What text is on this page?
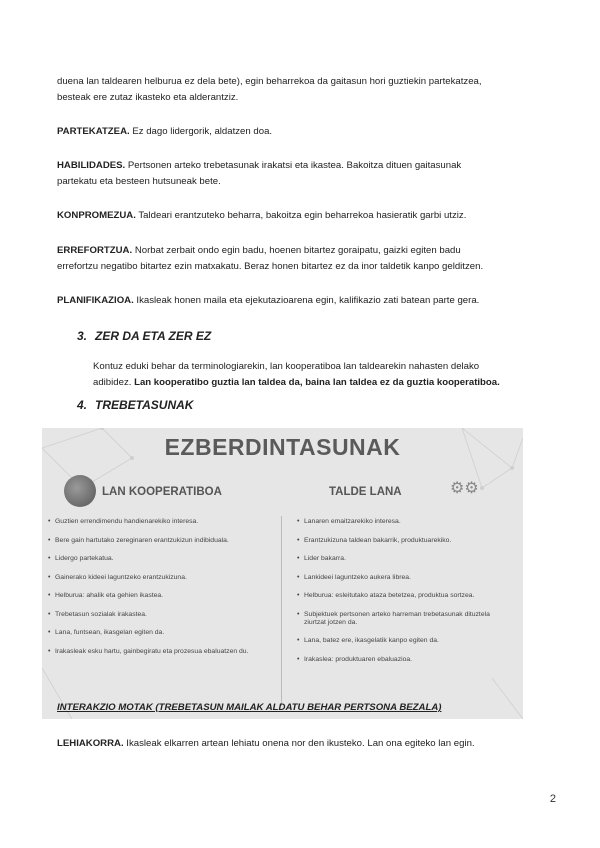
duena lan taldearen helburua ez dela bete), egin beharrekoa da gaitasun hori guztiekin partekatzea,
besteak ere zutaz ikasteko eta alderantziz.

PARTEKATZEA. Ez dago lidergorik, aldatzen doa.

HABILIDADES. Pertsonen arteko trebetasunak irakatsi eta ikastea. Bakoitza dituen gaitasunak
partekatu eta besteen hutsuneak bete.

KONPROMEZUA. Taldeari erantzuteko beharra, bakoitza egin beharrekoa hasieratik garbi utziz.

ERREFORTZUA. Norbat zerbait ondo egin badu, hoenen bitartez goraipatu, gaizki egiten badu
errefortzu negatibo bitartez ezin matxakatu. Beraz honen bitartez ez da inor taldetik kanpo gelditzen.

PLANIFIKAZIOA. Ikasleak honen maila eta ejekutazioarena egin, kalifikazio zati batean parte gera.

3. ZER DA ETA ZER EZ

Kontuz eduki behar da terminologiarekin, lan kooperatiboa lan taldearekin nahasten delako
adibidez. Lan kooperatibo guztia lan taldea da, baina lan taldea ez da guztia kooperatiboa.

4. TREBETASUNAK
EZBERDINTASUNAK
LAN KOOPERATIBOA	TALDE LANA	⚙⚙
• Guztien errendimendu handienarekiko interesa.
• Bere gain hartutako zereginaren erantzukizun indibiduala.
• Lidergo partekatua.
• Gainerako kideei laguntzeko erantzukizuna.
• Helburua: ahalik eta gehien ikastea.
• Trebetasun sozialak irakastea.
• Lana, funtsean, ikasgelan egiten da.
• Irakasleak esku hartu, gainbegiratu eta prozesua ebaluatzen du.
• Lanaren emaitzarekiko interesa.
• Erantzukizuna taldean bakarrik, produktuarekiko.
• Lider bakarra.
• Lankideei laguntzeko aukera librea.
• Helburua: esleitutako ataza betetzea, produktua sortzea.
• Subjektuek pertsonen arteko harreman trebetasunak dituztela ziurtzat jotzen da.
• Lana, batez ere, ikasgelatik kanpo egiten da.
• Irakaslea: produktuaren ebaluazioa.

INTERAKZIO MOTAK (TREBETASUN MAILAK ALDATU BEHAR PERTSONA BEZALA)

LEHIAKORRA. Ikasleak elkarren artean lehiatu onena nor den ikusteko. Lan ona egiteko lan egin.

2
